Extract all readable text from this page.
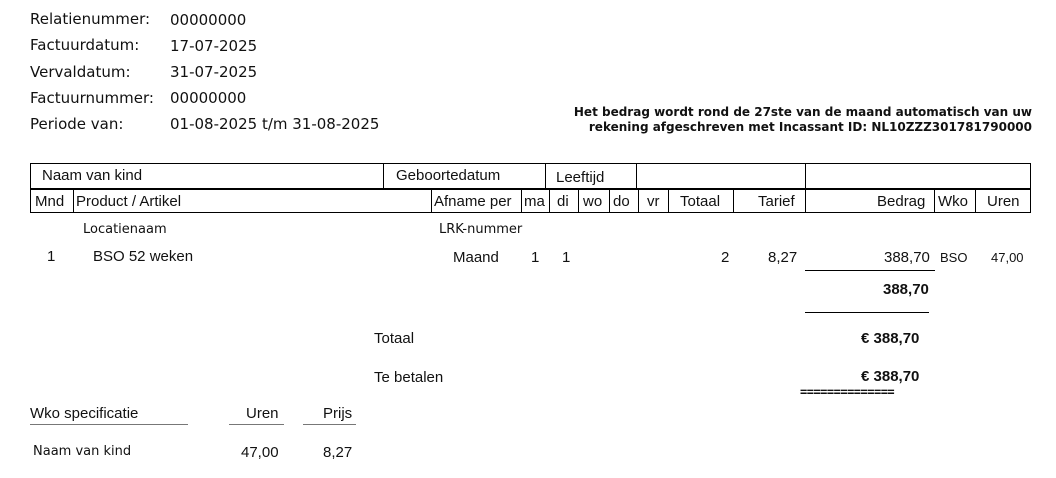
Relatienummer: 00000000
Factuurdatum: 17-07-2025
Vervaldatum:	31-07-2025
Factuurnummer: 00000000
Periode van:	01-08-2025 t/m 31-08-2025
Het bedrag wordt rond de 27ste van de maand automatisch van uw
rekening afgeschreven met Incassant ID: NL10ZZZ301781790000
Naam van kind	Geboortedatum	Leeftijd
Mnd Product / Artikel	Afname per ma di wo do vr Totaal	Tarief	Bedrag Wko Uren
Locatienaam	LRK-nummer
1	BSO 52 weken	Maand 1 1	2	8,27	388,70 BSO 47,00
388,70
Totaal	€ 388,70
Te betalen	€ 388,70
==============
Wko specificatie	Uren	Prijs
Naam van kind	47,00	8,27
